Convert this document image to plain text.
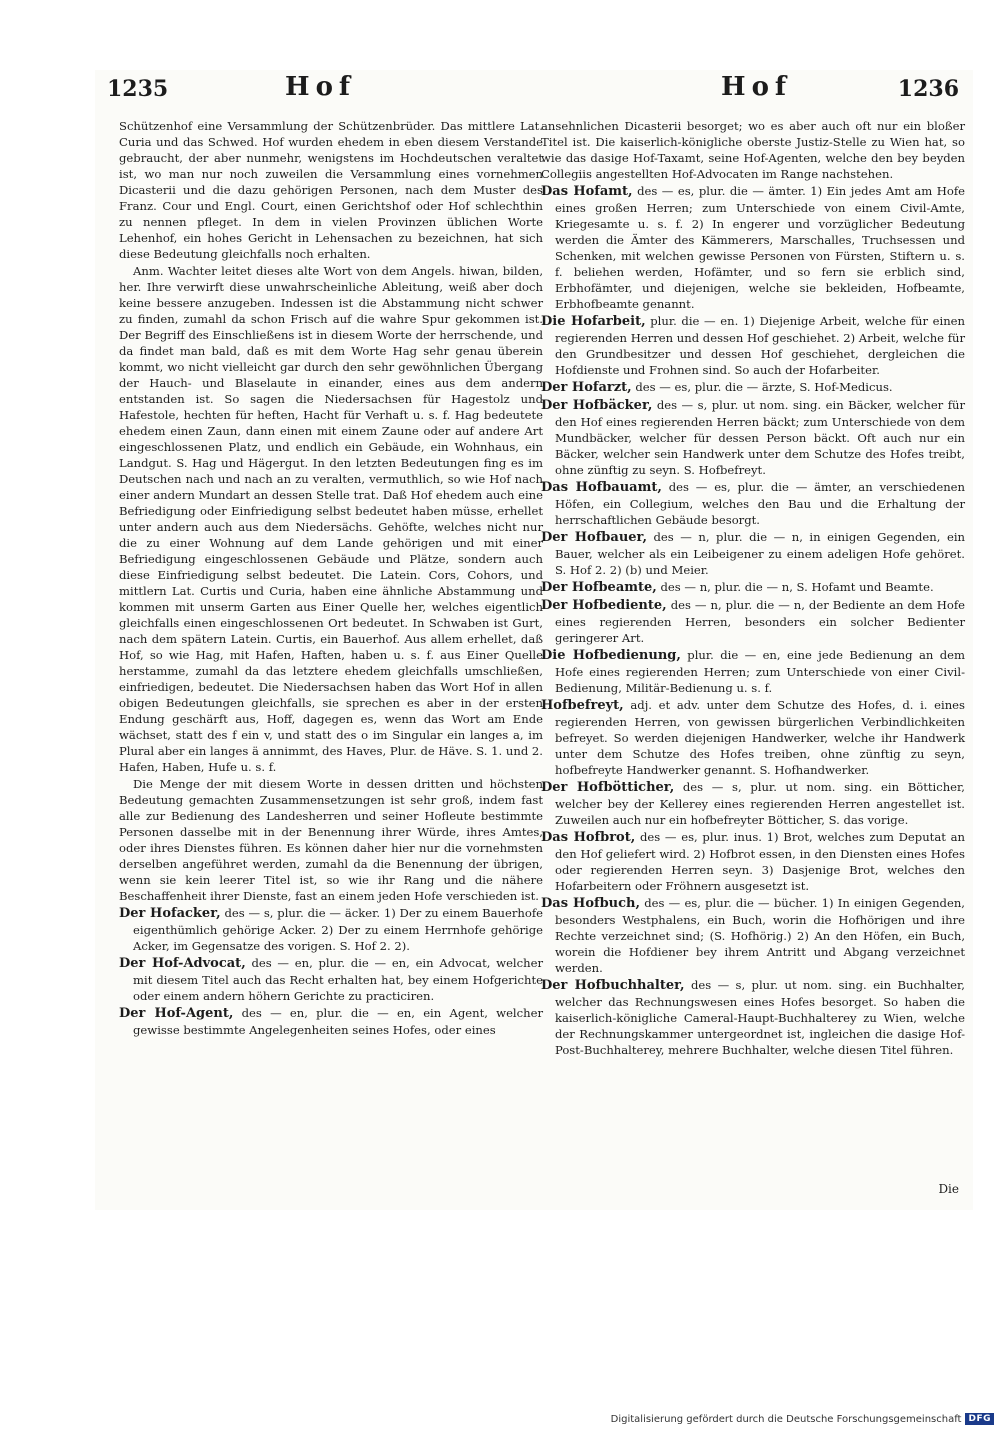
1235	Hof	Hof	1236

Schützenhof eine Versammlung der Schützenbrüder. Das mittlere Lat. Curia und das Schwed. Hof wurden ehedem in eben diesem Verstande gebraucht, der aber nunmehr, wenigstens im Hochdeutschen veraltet ist, wo man nur noch zuweilen die Versammlung eines vornehmen Dicasterii und die dazu gehörigen Personen, nach dem Muster des Franz. Cour und Engl. Court, einen Gerichtshof oder Hof schlechthin zu nennen pfleget. In dem in vielen Provinzen üblichen Worte Lehenhof, ein hohes Gericht in Lehensachen zu bezeichnen, hat sich diese Bedeutung gleichfalls noch erhalten.

Anm. Wachter leitet dieses alte Wort von dem Angels. hiwan, bilden, her. Ihre verwirft diese unwahrscheinliche Ableitung, weiß aber doch keine bessere anzugeben. Indessen ist die Abstammung nicht schwer zu finden, zumahl da schon Frisch auf die wahre Spur gekommen ist. Der Begriff des Einschließens ist in diesem Worte der herrschende, und da findet man bald, daß es mit dem Worte Hag sehr genau überein kommt, wo nicht vielleicht gar durch den sehr gewöhnlichen Übergang der Hauch- und Blaselaute in einander, eines aus dem andern entstanden ist. So sagen die Niedersachsen für Hagestolz und Hafestole, hechten für heften, Hacht für Verhaft u. s. f. Hag bedeutete ehedem einen Zaun, dann einen mit einem Zaune oder auf andere Art eingeschlossenen Platz, und endlich ein Gebäude, ein Wohnhaus, ein Landgut. S. Hag und Hägergut. In den letzten Bedeutungen fing es im Deutschen nach und nach an zu veralten, vermuthlich, so wie Hof nach einer andern Mundart an dessen Stelle trat. Daß Hof ehedem auch eine Befriedigung oder Einfriedigung selbst bedeutet haben müsse, erhellet unter andern auch aus dem Niedersächs. Gehöfte, welches nicht nur die zu einer Wohnung auf dem Lande gehörigen und mit einer Befriedigung eingeschlossenen Gebäude und Plätze, sondern auch diese Einfriedigung selbst bedeutet. Die Latein. Cors, Cohors, und mittlern Lat. Curtis und Curia, haben eine ähnliche Abstammung und kommen mit unserm Garten aus Einer Quelle her, welches eigentlich gleichfalls einen eingeschlossenen Ort bedeutet. In Schwaben ist Gurt, nach dem spätern Latein. Curtis, ein Bauerhof. Aus allem erhellet, daß Hof, so wie Hag, mit Hafen, Haften, haben u. s. f. aus Einer Quelle herstamme, zumahl da das letztere ehedem gleichfalls umschließen, einfriedigen, bedeutet. Die Niedersachsen haben das Wort Hof in allen obigen Bedeutungen gleichfalls, sie sprechen es aber in der ersten Endung geschärft aus, Hoff, dagegen es, wenn das Wort am Ende wächset, statt des f ein v, und statt des o im Singular ein langes a, im Plural aber ein langes ä annimmt, des Haves, Plur. de Häve. S. 1. und 2. Hafen, Haben, Hufe u. s. f.

Die Menge der mit diesem Worte in dessen dritten und höchsten Bedeutung gemachten Zusammensetzungen ist sehr groß, indem fast alle zur Bedienung des Landesherren und seiner Hofleute bestimmte Personen dasselbe mit in der Benennung ihrer Würde, ihres Amtes, oder ihres Dienstes führen. Es können daher hier nur die vornehmsten derselben angeführet werden, zumahl da die Benennung der übrigen, wenn sie kein leerer Titel ist, so wie ihr Rang und die nähere Beschaffenheit ihrer Dienste, fast an einem jeden Hofe verschieden ist.

Der Hofacker, des — s, plur. die — äcker. 1) Der zu einem Bauerhofe eigenthümlich gehörige Acker. 2) Der zu einem Herrnhofe gehörige Acker, im Gegensatze des vorigen. S. Hof 2. 2).

Der Hof-Advocat, des — en, plur. die — en, ein Advocat, welcher mit diesem Titel auch das Recht erhalten hat, bey einem Hofgerichte oder einem andern höhern Gerichte zu practiciren.

Der Hof-Agent, des — en, plur. die — en, ein Agent, welcher gewisse bestimmte Angelegenheiten seines Hofes, oder eines

ansehnlichen Dicasterii besorget; wo es aber auch oft nur ein bloßer Titel ist. Die kaiserlich-königliche oberste Justiz-Stelle zu Wien hat, so wie das dasige Hof-Taxamt, seine Hof-Agenten, welche den bey beyden Collegiis angestellten Hof-Advocaten im Range nachstehen.

Das Hofamt, des — es, plur. die — ämter. 1) Ein jedes Amt am Hofe eines großen Herren; zum Unterschiede von einem Civil-Amte, Kriegesamte u. s. f. 2) In engerer und vorzüglicher Bedeutung werden die Ämter des Kämmerers, Marschalles, Truchsessen und Schenken, mit welchen gewisse Personen von Fürsten, Stiftern u. s. f. beliehen werden, Hofämter, und so fern sie erblich sind, Erbhofämter, und diejenigen, welche sie bekleiden, Hofbeamte, Erbhofbeamte genannt.

Die Hofarbeit, plur. die — en. 1) Diejenige Arbeit, welche für einen regierenden Herren und dessen Hof geschiehet. 2) Arbeit, welche für den Grundbesitzer und dessen Hof geschiehet, dergleichen die Hofdienste und Frohnen sind. So auch der Hofarbeiter.

Der Hofarzt, des — es, plur. die — ärzte, S. Hof-Medicus.

Der Hofbäcker, des — s, plur. ut nom. sing. ein Bäcker, welcher für den Hof eines regierenden Herren bäckt; zum Unterschiede von dem Mundbäcker, welcher für dessen Person bäckt. Oft auch nur ein Bäcker, welcher sein Handwerk unter dem Schutze des Hofes treibt, ohne zünftig zu seyn. S. Hofbefreyt.

Das Hofbauamt, des — es, plur. die — ämter, an verschiedenen Höfen, ein Collegium, welches den Bau und die Erhaltung der herrschaftlichen Gebäude besorgt.

Der Hofbauer, des — n, plur. die — n, in einigen Gegenden, ein Bauer, welcher als ein Leibeigener zu einem adeligen Hofe gehöret. S. Hof 2. 2) (b) und Meier.

Der Hofbeamte, des — n, plur. die — n, S. Hofamt und Beamte.

Der Hofbediente, des — n, plur. die — n, der Bediente an dem Hofe eines regierenden Herren, besonders ein solcher Bedienter geringerer Art.

Die Hofbedienung, plur. die — en, eine jede Bedienung an dem Hofe eines regierenden Herren; zum Unterschiede von einer Civil-Bedienung, Militär-Bedienung u. s. f.

Hofbefreyt, adj. et adv. unter dem Schutze des Hofes, d. i. eines regierenden Herren, von gewissen bürgerlichen Verbindlichkeiten befreyet. So werden diejenigen Handwerker, welche ihr Handwerk unter dem Schutze des Hofes treiben, ohne zünftig zu seyn, hofbefreyte Handwerker genannt. S. Hofhandwerker.

Der Hofbötticher, des — s, plur. ut nom. sing. ein Bötticher, welcher bey der Kellerey eines regierenden Herren angestellet ist. Zuweilen auch nur ein hofbefreyter Bötticher, S. das vorige.

Das Hofbrot, des — es, plur. inus. 1) Brot, welches zum Deputat an den Hof geliefert wird. 2) Hofbrot essen, in den Diensten eines Hofes oder regierenden Herren seyn. 3) Dasjenige Brot, welches den Hofarbeitern oder Fröhnern ausgesetzt ist.

Das Hofbuch, des — es, plur. die — bücher. 1) In einigen Gegenden, besonders Westphalens, ein Buch, worin die Hofhörigen und ihre Rechte verzeichnet sind; (S. Hofhörig.) 2) An den Höfen, ein Buch, worein die Hofdiener bey ihrem Antritt und Abgang verzeichnet werden.

Der Hofbuchhalter, des — s, plur. ut nom. sing. ein Buchhalter, welcher das Rechnungswesen eines Hofes besorget. So haben die kaiserlich-königliche Cameral-Haupt-Buchhalterey zu Wien, welche der Rechnungskammer untergeordnet ist, ingleichen die dasige Hof-Post-Buchhalterey, mehrere Buchhalter, welche diesen Titel führen.

Die
Digitalisierung gefördert durch die Deutsche Forschungsgemeinschaft DFG
